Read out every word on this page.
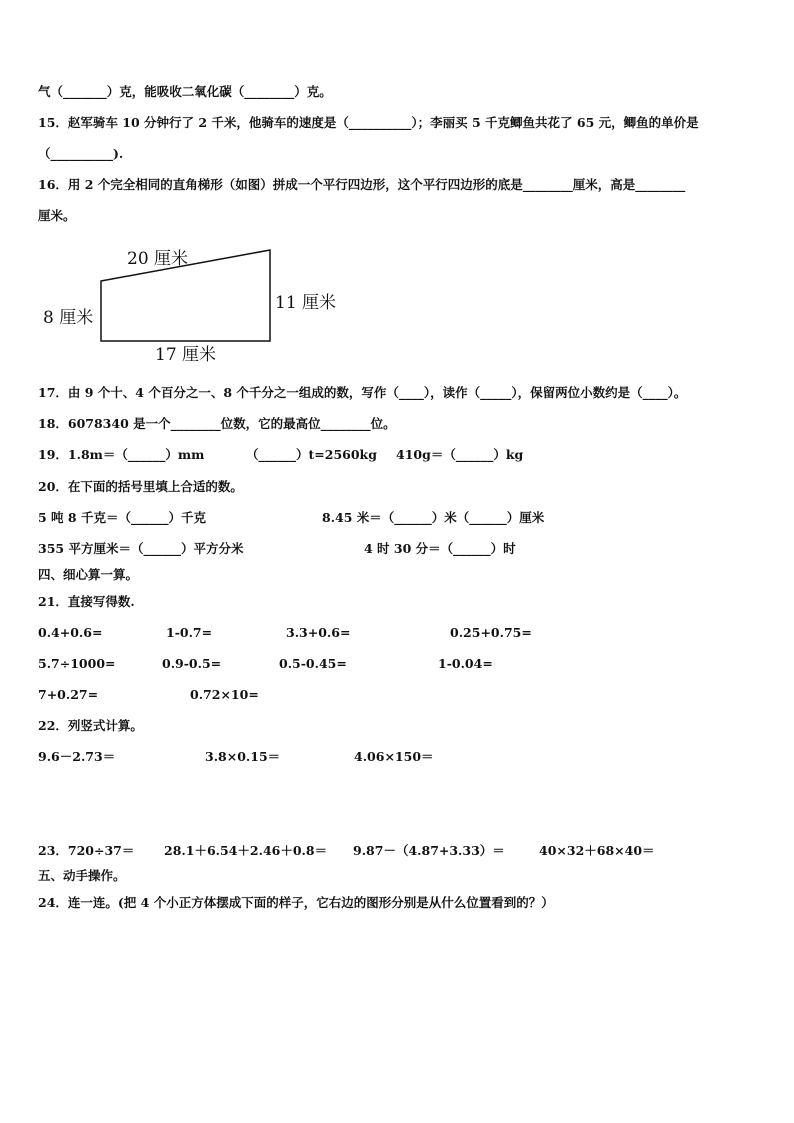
气（_______）克，能吸收二氧化碳（________）克。
15．赵军骑车 10 分钟行了 2 千米，他骑车的速度是（__________）；李丽买 5 千克鲫鱼共花了 65 元，鲫鱼的单价是
（__________).
16．用 2 个完全相同的直角梯形（如图）拼成一个平行四边形，这个平行四边形的底是________厘米，高是________
厘米。
20 厘米
8 厘米
11 厘米
17 厘米
17．由 9 个十、4 个百分之一、8 个千分之一组成的数，写作（____），读作（_____），保留两位小数约是（____）。
18．6078340 是一个________位数，它的最高位________位。
19．1.8m＝（______）mm	（______）t=2560kg 410g＝（______）kg
20．在下面的括号里填上合适的数。
5 吨 8 千克＝（______）千克	8.45 米＝（______）米（______）厘米
355 平方厘米＝（______）平方分米	4 时 30 分＝（______）时
四、细心算一算。
21．直接写得数.
0.4+0.6=	1-0.7=	3.3+0.6=	0.25+0.75=
5.7÷1000=	0.9-0.5=	0.5-0.45=	1-0.04=
7+0.27=	0.72×10=
22．列竖式计算。
9.6－2.73＝	3.8×0.15＝	4.06×150＝
23．720÷37＝ 28.1＋6.54＋2.46＋0.8＝ 9.87－（4.87+3.33）＝	40×32＋68×40＝
五、动手操作。
24．连一连。(把 4 个小正方体摆成下面的样子，它右边的图形分别是从什么位置看到的？）
